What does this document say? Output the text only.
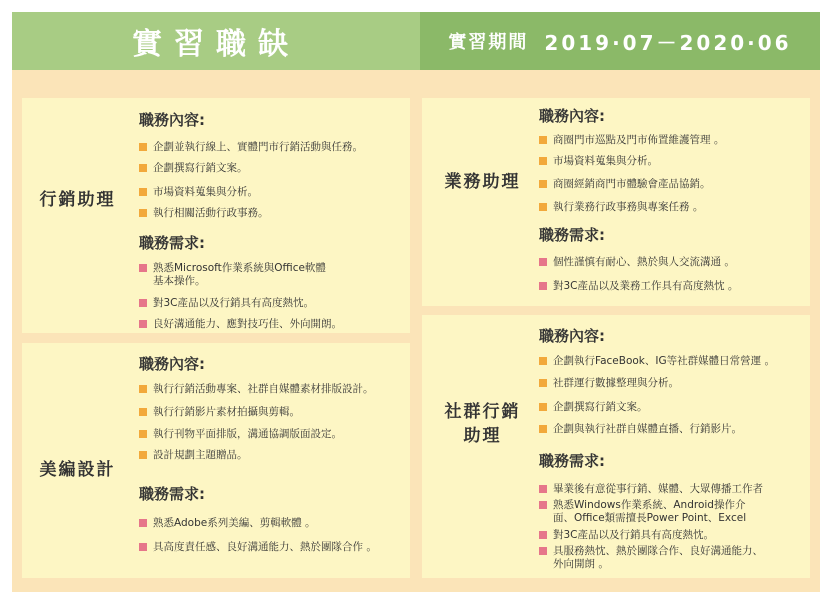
實習職缺	實習期間 2019·07－2020·06
行銷助理
職務內容:
企劃並執行線上、實體門市行銷活動與任務。
企劃撰寫行銷文案。
市場資料蒐集與分析。
執行相關活動行政事務。
職務需求:
熟悉Microsoft作業系統與Office軟體
基本操作。
對3C產品以及行銷具有高度熱忱。
良好溝通能力、應對技巧佳、外向開朗。
業務助理
職務內容:
商圈門市巡點及門市佈置維護管理 。
市場資料蒐集與分析。
商圈經銷商門市體驗會產品協銷。
執行業務行政事務與專案任務 。
職務需求:
個性謹慎有耐心、熱於與人交流溝通 。
對3C產品以及業務工作具有高度熱忱 。
美編設計
職務內容:
執行行銷活動專案、社群自媒體素材排版設計。
執行行銷影片素材拍攝與剪輯。
執行刊物平面排版，溝通協調版面設定。
設計規劃主題贈品。
職務需求:
熟悉Adobe系列美編、剪輯軟體 。
具高度責任感、良好溝通能力、熱於團隊合作 。
社群行銷
助理
職務內容:
企劃執行FaceBook、IG等社群媒體日常營運 。
社群運行數據整理與分析。
企劃撰寫行銷文案。
企劃與執行社群自媒體直播、行銷影片。
職務需求:
畢業後有意從事行銷、媒體、大眾傳播工作者
熟悉Windows作業系統、Android操作介
面、Office類需擅長Power Point、Excel
對3C產品以及行銷具有高度熱忱。
具服務熱忱、熱於團隊合作、良好溝通能力、
外向開朗 。
